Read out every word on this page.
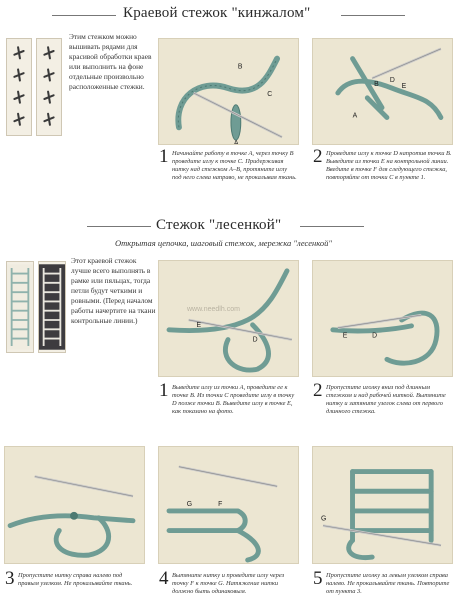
Краевой стежок "кинжалом"
Этим стежком можно вышивать рядами для красивой обработки краев или выполнить на фоне отдельные произвольно расположенные стежки.
B
A
C
B	E
D
A
1 Начинайте работу в точке А, через точку В проведите иглу к точке С. Придерживая нитку над стежком А–В, протяните иглу под него слева направо, не прокалывая ткань.
2 Проведите иглу к точке D напротив точки В. Выведите из точки Е на контрольной линии. Введите в точке F для следующего стежка, повторяйте от точки С в пункте 1.
Стежок "лесенкой"
Открытая цепочка, шаговый стежок, мережка "лесенкой"
Этот краевой стежок лучше всего выполнять в рамке или пяльцах, тогда петли будут четкими и ровными. (Перед началом работы начертите на ткани контрольные линии.)
E
D
www.needlh.com
E	D
1 Выведите иглу из точки А, проведите ее к точке В. Из точки С проведите иглу в точку D позже точки В. Выведите иглу в точке Е, как показано на фото.
2 Пропустите иголку вниз под длинным стежком и над рабочей ниткой. Вытяните нитку и затяните узелок слева от первого длинного стежка.
G	F
G
3 Пропустите нитку справа налево под правым узелком. Не прокалывайте ткань.	4 Вытяните нитку и проведите иглу через точку F к точке G. Натяжение нитки должно быть одинаковым.
5 Пропустите иголку за левым узелком справа налево. Не прокалывайте ткань. Повторите от пункта 3.
